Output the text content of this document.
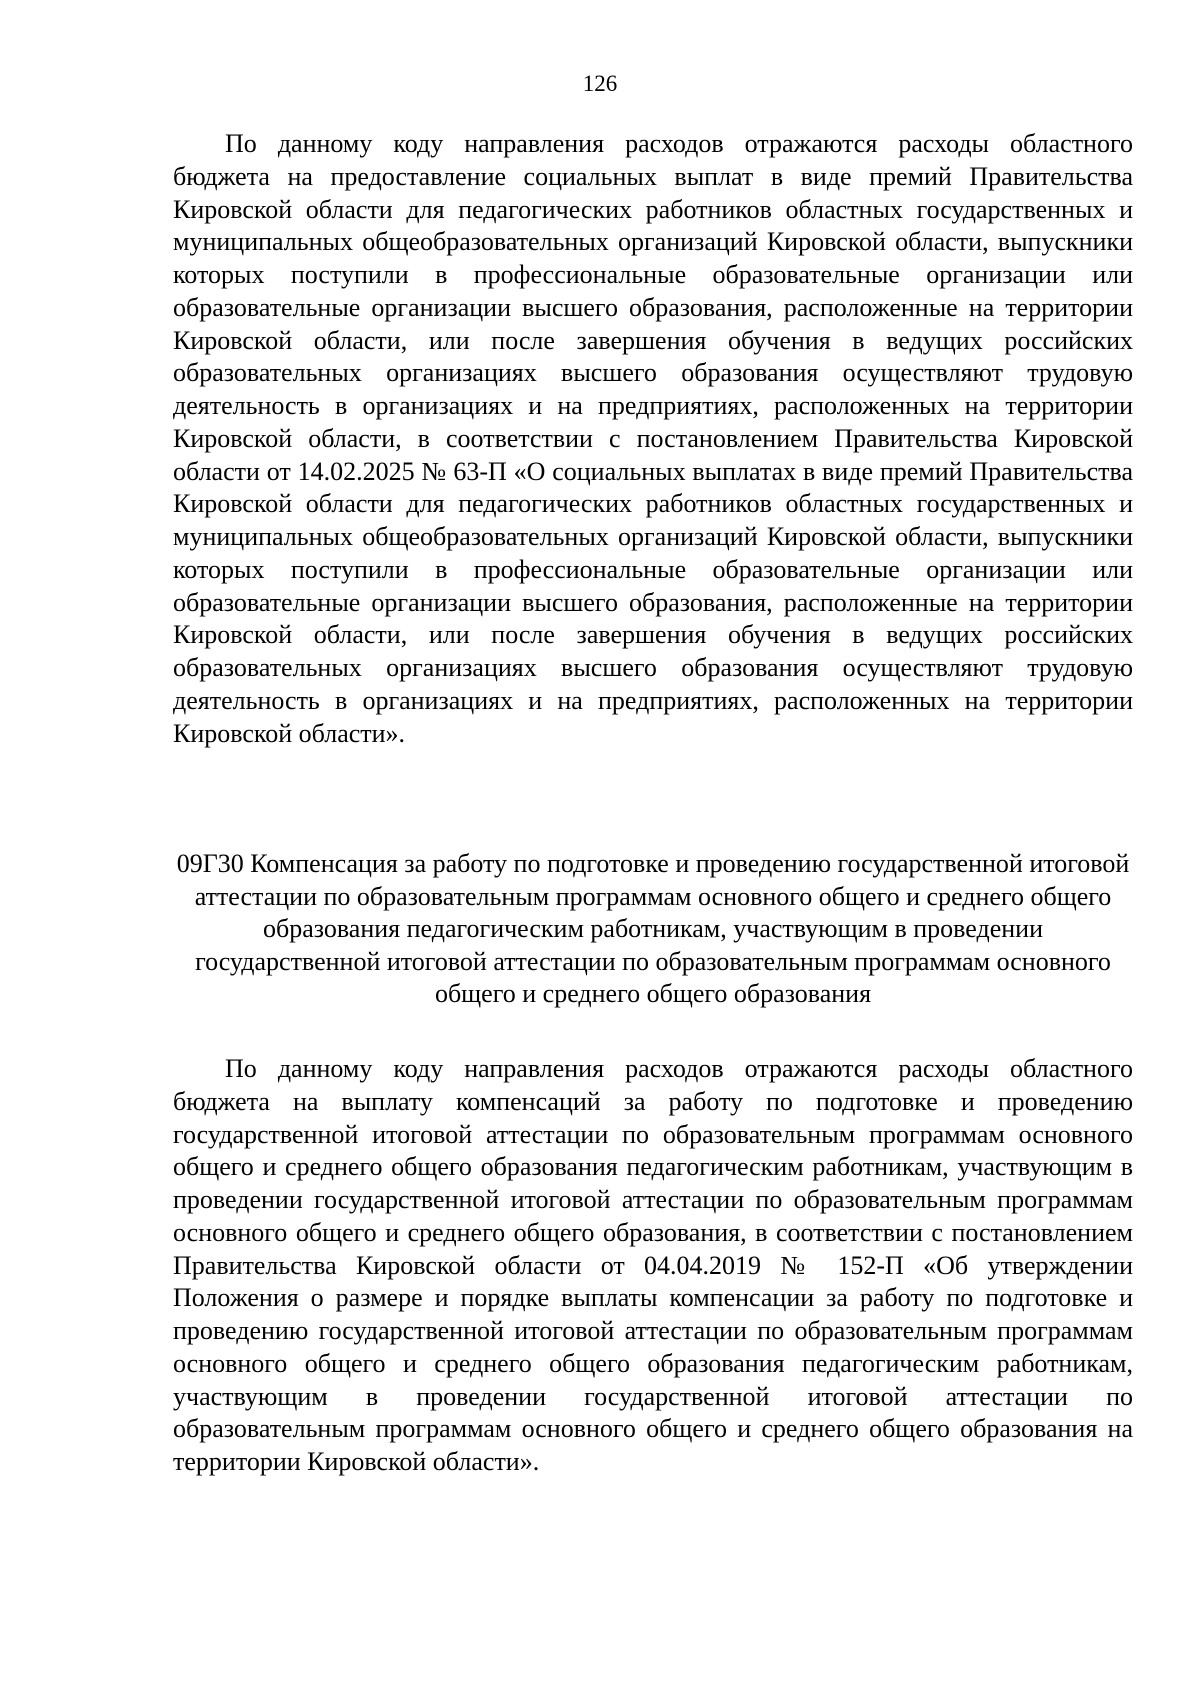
126

По данному коду направления расходов отражаются расходы областного бюджета на предоставление социальных выплат в виде премий Правительства Кировской области для педагогических работников областных государственных и муниципальных общеобразовательных организаций Кировской области, выпускники которых поступили в профессиональные образовательные организации или образовательные организации высшего образования, расположенные на территории Кировской области, или после завершения обучения в ведущих российских образовательных организациях высшего образования осуществляют трудовую деятельность в организациях и на предприятиях, расположенных на территории Кировской области, в соответствии с постановлением Правительства Кировской области от 14.02.2025 № 63-П «О социальных выплатах в виде премий Правительства Кировской области для педагогических работников областных государственных и муниципальных общеобразовательных организаций Кировской области, выпускники которых поступили в профессиональные образовательные организации или образовательные организации высшего образования, расположенные на территории Кировской области, или после завершения обучения в ведущих российских образовательных организациях высшего образования осуществляют трудовую деятельность в организациях и на предприятиях, расположенных на территории Кировской области».

09Г30 Компенсация за работу по подготовке и проведению государственной итоговой аттестации по образовательным программам основного общего и среднего общего образования педагогическим работникам, участвующим в проведении государственной итоговой аттестации по образовательным программам основного общего и среднего общего образования

По данному коду направления расходов отражаются расходы областного бюджета на выплату компенсаций за работу по подготовке и проведению государственной итоговой аттестации по образовательным программам основного общего и среднего общего образования педагогическим работникам, участвующим в проведении государственной итоговой аттестации по образовательным программам основного общего и среднего общего образования, в соответствии с постановлением Правительства Кировской области от 04.04.2019 № 152-П «Об утверждении Положения о размере и порядке выплаты компенсации за работу по подготовке и проведению государственной итоговой аттестации по образовательным программам основного общего и среднего общего образования педагогическим работникам, участвующим в проведении государственной итоговой аттестации по образовательным программам основного общего и среднего общего образования на территории Кировской области».
